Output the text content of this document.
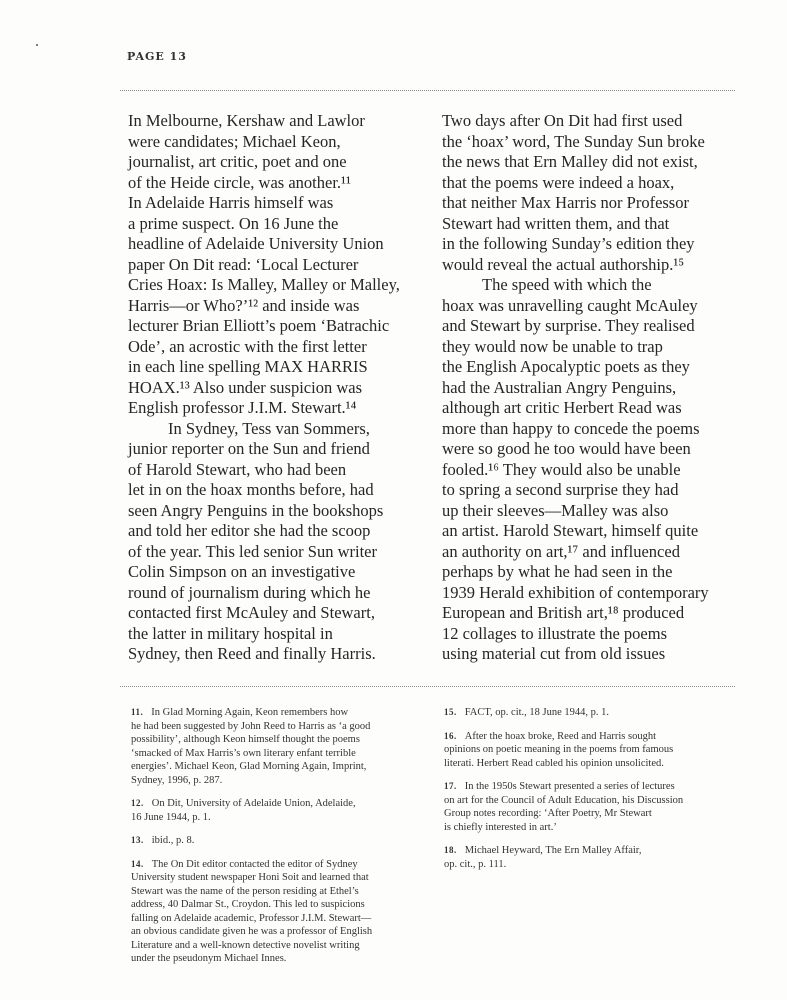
PAGE 13
In Melbourne, Kershaw and Lawlor
were candidates; Michael Keon,
journalist, art critic, poet and one
of the Heide circle, was another.¹¹
In Adelaide Harris himself was
a prime suspect. On 16 June the
headline of Adelaide University Union
paper On Dit read: ‘Local Lecturer
Cries Hoax: Is Malley, Malley or Malley,
Harris—or Who?’¹² and inside was
lecturer Brian Elliott’s poem ‘Batrachic
Ode’, an acrostic with the first letter
in each line spelling MAX HARRIS
HOAX.¹³ Also under suspicion was
English professor J.I.M. Stewart.¹⁴
In Sydney, Tess van Sommers,
junior reporter on the Sun and friend
of Harold Stewart, who had been
let in on the hoax months before, had
seen Angry Penguins in the bookshops
and told her editor she had the scoop
of the year. This led senior Sun writer
Colin Simpson on an investigative
round of journalism during which he
contacted first McAuley and Stewart,
the latter in military hospital in
Sydney, then Reed and finally Harris.
Two days after On Dit had first used
the ‘hoax’ word, The Sunday Sun broke
the news that Ern Malley did not exist,
that the poems were indeed a hoax,
that neither Max Harris nor Professor
Stewart had written them, and that
in the following Sunday’s edition they
would reveal the actual authorship.¹⁵
The speed with which the
hoax was unravelling caught McAuley
and Stewart by surprise. They realised
they would now be unable to trap
the English Apocalyptic poets as they
had the Australian Angry Penguins,
although art critic Herbert Read was
more than happy to concede the poems
were so good he too would have been
fooled.¹⁶ They would also be unable
to spring a second surprise they had
up their sleeves—Malley was also
an artist. Harold Stewart, himself quite
an authority on art,¹⁷ and influenced
perhaps by what he had seen in the
1939 Herald exhibition of contemporary
European and British art,¹⁸ produced
12 collages to illustrate the poems
using material cut from old issues
11. In Glad Morning Again, Keon remembers how
he had been suggested by John Reed to Harris as ‘a good
possibility’, although Keon himself thought the poems
‘smacked of Max Harris’s own literary enfant terrible
energies’. Michael Keon, Glad Morning Again, Imprint,
Sydney, 1996, p. 287.
12. On Dit, University of Adelaide Union, Adelaide,
16 June 1944, p. 1.
13. ibid., p. 8.
14. The On Dit editor contacted the editor of Sydney
University student newspaper Honi Soit and learned that
Stewart was the name of the person residing at Ethel’s
address, 40 Dalmar St., Croydon. This led to suspicions
falling on Adelaide academic, Professor J.I.M. Stewart—
an obvious candidate given he was a professor of English
Literature and a well-known detective novelist writing
under the pseudonym Michael Innes.
15. FACT, op. cit., 18 June 1944, p. 1.
16. After the hoax broke, Reed and Harris sought
opinions on poetic meaning in the poems from famous
literati. Herbert Read cabled his opinion unsolicited.
17. In the 1950s Stewart presented a series of lectures
on art for the Council of Adult Education, his Discussion
Group notes recording: ‘After Poetry, Mr Stewart
is chiefly interested in art.’
18. Michael Heyward, The Ern Malley Affair,
op. cit., p. 111.
